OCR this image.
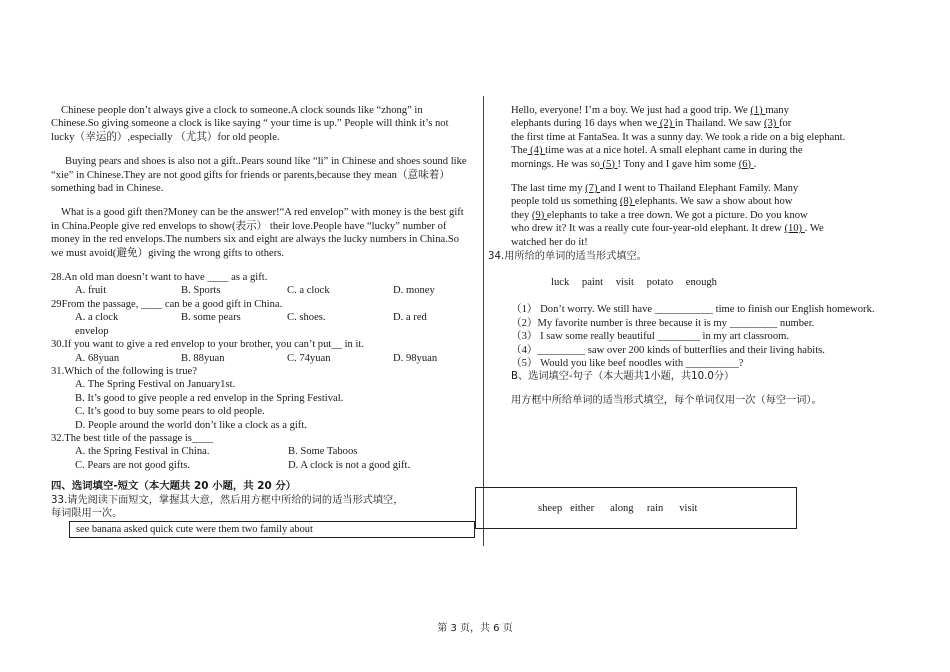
Chinese people don’t always give a clock to someone.A clock sounds like “zhong” in Chinese.So giving someone a clock is like saying “ your time is up.” People will think it’s not lucky（幸运的）,especially （尤其）for old people.

Buying pears and shoes is also not a gift..Pears sound like “li” in Chinese and shoes sound like “xie” in Chinese.They are not good gifts for friends or parents,because they mean（意味着） something bad in Chinese.

What is a good gift then?Money can be the answer!“A red envelop” with money is the best gift in China.People give red envelops to show(表示） their love.People have “lucky” number of money in the red envelops.The numbers six and eight are always the lucky numbers in China.So we must avoid(避免）giving the wrong gifts to others.

28.An old man doesn’t want to have ____ as a gift.

A. fruit	B. Sports	C. a clock	D. money

29From the passage, ____ can be a good gift in China.

A. a clock	B. some pears	C. shoes.	D. a red

envelop

30.If you want to give a red envelop to your brother, you can’t put__ in it.

A. 68yuan	B. 88yuan	C. 74yuan	D. 98yuan

31.Which of the following is true?

A. The Spring Festival on January1st.

B. It’s good to give people a red envelop in the Spring Festival.

C. It’s good to buy some pears to old people.

D. People around the world don’t like a clock as a gift.

32.The best title of the passage is____

A. the Spring Festival in China.	B. Some Taboos
C. Pears are not good gifts.	D. A clock is not a good gift.

四、选词填空-短文（本大题共 20 小题，共 20 分）

33.请先阅读下面短文，掌握其大意，然后用方框中所给的词的适当形式填空，

每词限用一次。

see banana asked quick cute were them two family about

Hello, everyone! I’m a boy. We just had a good trip. We (1) many

elephants during 16 days when we (2) in Thailand. We saw (3) for

the first time at FantaSea. It was a sunny day. We took a ride on a big elephant.

The (4) time was at a nice hotel. A small elephant came in during the

mornings. He was so (5) ! Tony and I gave him some (6) .

The last time my (7) and I went to Thailand Elephant Family. Many

people told us something (8) elephants. We saw a show about how

they (9) elephants to take a tree down. We got a picture. Do you know

who drew it? It was a really cute four-year-old elephant. It drew (10) . We

watched her do it!

34.用所给的单词的适当形式填空。

luck paint visit potato enough

（1） Don’t worry. We still have ___________ time to finish our English homework.

（2）My favorite number is three because it is my _________ number.

（3） I saw some really beautiful ________ in my art classroom.

（4）_________ saw over 200 kinds of butterflies and their living habits.

（5） Would you like beef noodles with __________?

B、选词填空-句子（本大题共1小题，共10.0分）

用方框中所给单词的适当形式填空，每个单词仅用一次（每空一词）。

sheep   either      along     rain      visit
第 3 页，共 6 页
